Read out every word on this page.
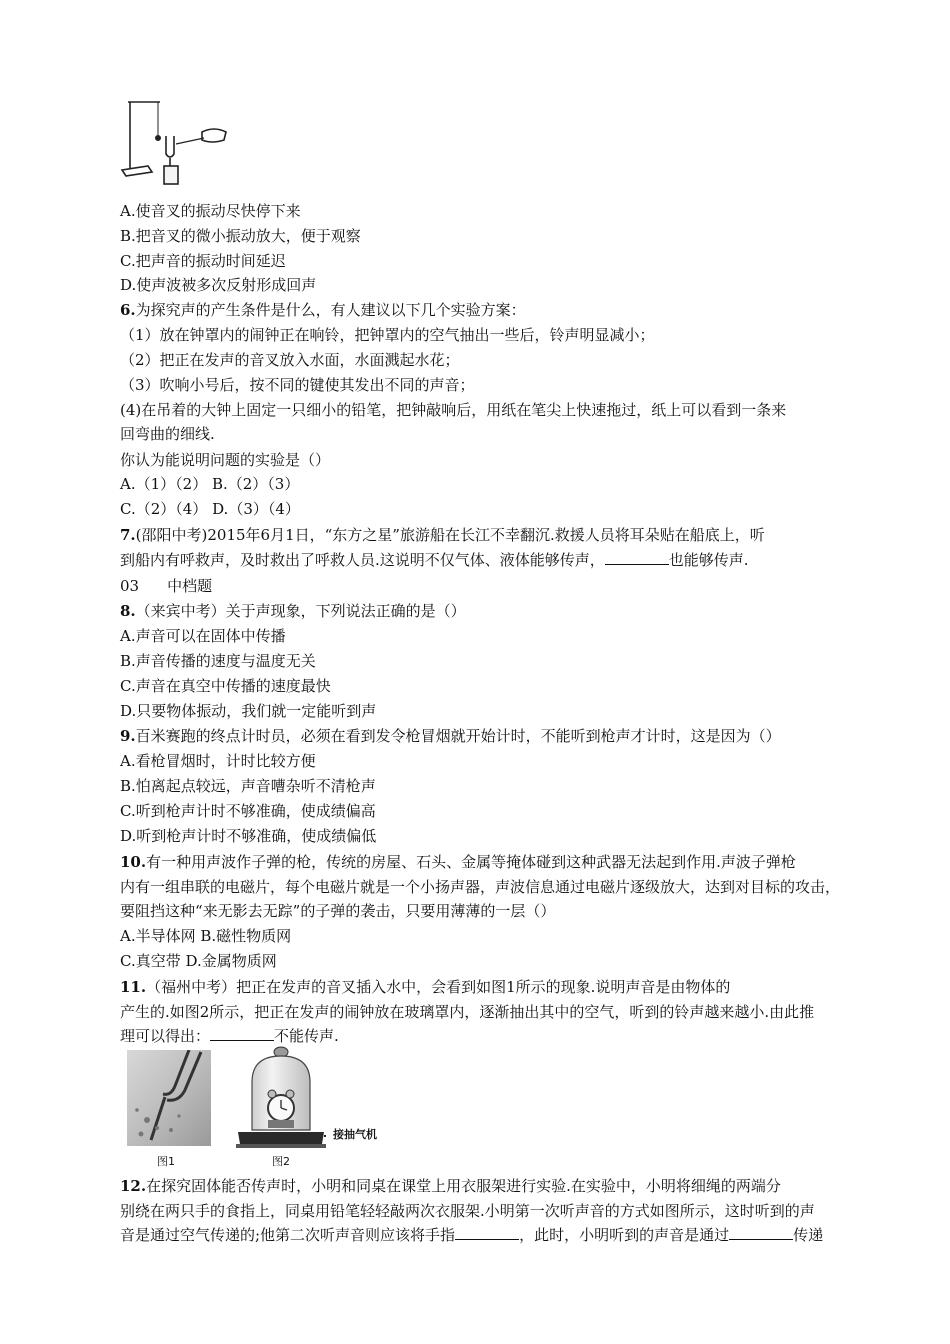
A.使音叉的振动尽快停下来
B.把音叉的微小振动放大，便于观察
C.把声音的振动时间延迟
D.使声波被多次反射形成回声
6.为探究声的产生条件是什么，有人建议以下几个实验方案：
（1）放在钟罩内的闹钟正在响铃，把钟罩内的空气抽出一些后，铃声明显减小；
（2）把正在发声的音叉放入水面，水面溅起水花；
（3）吹响小号后，按不同的键使其发出不同的声音；
(4)在吊着的大钟上固定一只细小的铅笔，把钟敲响后，用纸在笔尖上快速拖过，纸上可以看到一条来
回弯曲的细线.
你认为能说明问题的实验是（）
A.（1）（2） B.（2）（3）
C.（2）（4） D.（3）（4）
7.(邵阳中考)2015年6月1日，“东方之星”旅游船在长江不幸翻沉.救援人员将耳朵贴在船底上，听
到船内有呼救声，及时救出了呼救人员.这说明不仅气体、液体能够传声，	也能够传声.
03 中档题
8.（来宾中考）关于声现象，下列说法正确的是（）
A.声音可以在固体中传播
B.声音传播的速度与温度无关
C.声音在真空中传播的速度最快
D.只要物体振动，我们就一定能听到声
9.百米赛跑的终点计时员，必须在看到发令枪冒烟就开始计时，不能听到枪声才计时，这是因为（）
A.看枪冒烟时，计时比较方便
B.怕离起点较远，声音嘈杂听不清枪声
C.听到枪声计时不够准确，使成绩偏高
D.听到枪声计时不够准确，使成绩偏低
10.有一种用声波作子弹的枪，传统的房屋、石头、金属等掩体碰到这种武器无法起到作用.声波子弹枪
内有一组串联的电磁片，每个电磁片就是一个小扬声器，声波信息通过电磁片逐级放大，达到对目标的攻击，
要阻挡这种“来无影去无踪”的子弹的袭击，只要用薄薄的一层（）
A.半导体网 B.磁性物质网
C.真空带 D.金属物质网
11.（福州中考）把正在发声的音叉插入水中，会看到如图1所示的现象.说明声音是由物体的
产生的.如图2所示，把正在发声的闹钟放在玻璃罩内，逐渐抽出其中的空气，听到的铃声越来越小.由此推
理可以得出：	不能传声.
图1	图2
接抽气机
12.在探究固体能否传声时，小明和同桌在课堂上用衣服架进行实验.在实验中，小明将细绳的两端分
别绕在两只手的食指上，同桌用铅笔轻轻敲两次衣服架.小明第一次听声音的方式如图所示，这时听到的声
音是通过空气传递的;他第二次听声音则应该将手指	，此时，小明听到的声音是通过	传递
